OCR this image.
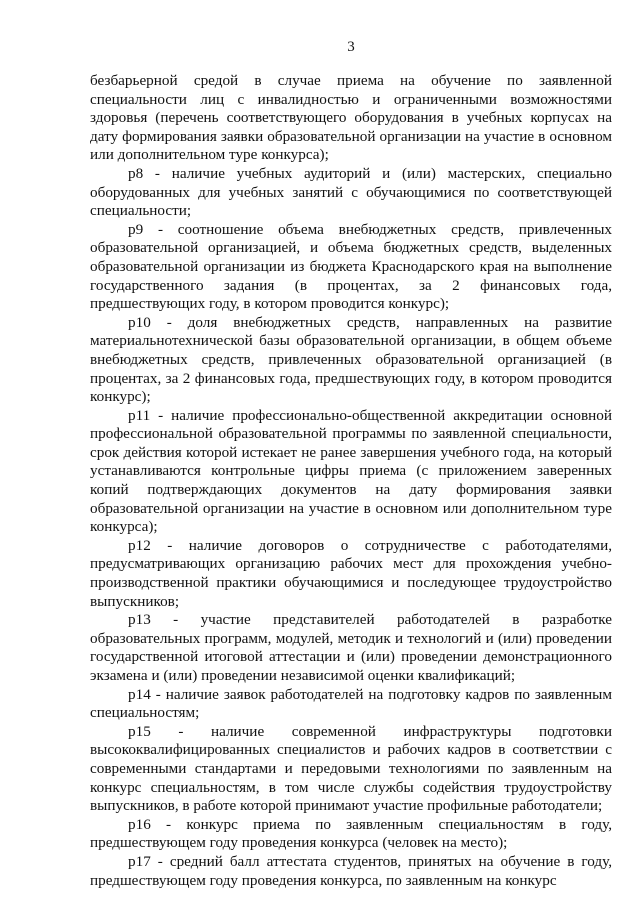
3

безбарьерной средой в случае приема на обучение по заявленной специальности лиц с инвалидностью и ограниченными возможностями здоровья (перечень соответствующего оборудования в учебных корпусах на дату формирования заявки образовательной организации на участие в основном или дополнительном туре конкурса);

р8 - наличие учебных аудиторий и (или) мастерских, специально оборудованных для учебных занятий с обучающимися по соответствующей специальности;

р9 - соотношение объема внебюджетных средств, привлеченных образовательной организацией, и объема бюджетных средств, выделенных образовательной организации из бюджета Краснодарского края на выполнение государственного задания (в процентах, за 2 финансовых года, предшествующих году, в котором проводится конкурс);

р10 - доля внебюджетных средств, направленных на развитие материальнотехнической базы образовательной организации, в общем объеме внебюджетных средств, привлеченных образовательной организацией (в процентах, за 2 финансовых года, предшествующих году, в котором проводится конкурс);

р11 - наличие профессионально-общественной аккредитации основной профессиональной образовательной программы по заявленной специальности, срок действия которой истекает не ранее завершения учебного года, на который устанавливаются контрольные цифры приема (с приложением заверенных копий подтверждающих документов на дату формирования заявки образовательной организации на участие в основном или дополнительном туре конкурса);

р12 - наличие договоров о сотрудничестве с работодателями, предусматривающих организацию рабочих мест для прохождения учебно-производственной практики обучающимися и последующее трудоустройство выпускников;

р13 - участие представителей работодателей в разработке образовательных программ, модулей, методик и технологий и (или) проведении государственной итоговой аттестации и (или) проведении демонстрационного экзамена и (или) проведении независимой оценки квалификаций;

р14 - наличие заявок работодателей на подготовку кадров по заявленным специальностям;

р15 - наличие современной инфраструктуры подготовки высококвалифицированных специалистов и рабочих кадров в соответствии с современными стандартами и передовыми технологиями по заявленным на конкурс специальностям, в том числе службы содействия трудоустройству выпускников, в работе которой принимают участие профильные работодатели;

р16 - конкурс приема по заявленным специальностям в году, предшествующем году проведения конкурса (человек на место);

р17 - средний балл аттестата студентов, принятых на обучение в году, предшествующем году проведения конкурса, по заявленным на конкурс
